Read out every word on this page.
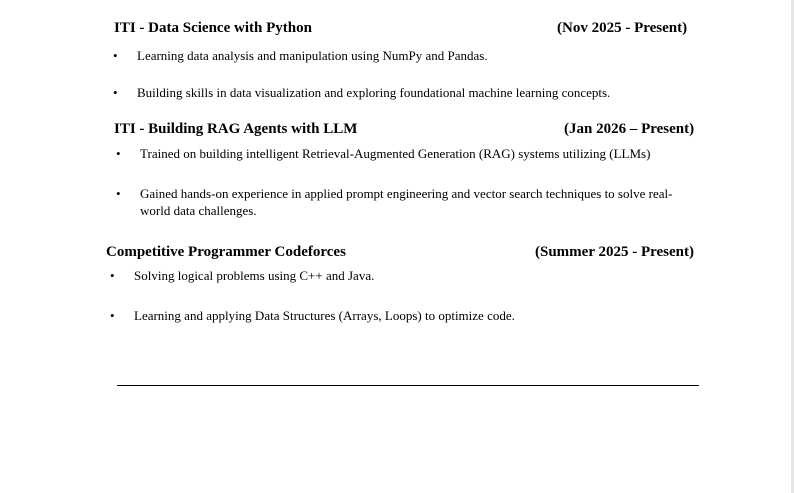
ITI - Data Science with Python	(Nov 2025 - Present)
• Learning data analysis and manipulation using NumPy and Pandas.
• Building skills in data visualization and exploring foundational machine learning concepts.
ITI - Building RAG Agents with LLM	(Jan 2026 – Present)
• Trained on building intelligent Retrieval-Augmented Generation (RAG) systems utilizing (LLMs)
• Gained hands-on experience in applied prompt engineering and vector search techniques to solve real-world data challenges.
Competitive Programmer Codeforces	(Summer 2025 - Present)
• Solving logical problems using C++ and Java.
• Learning and applying Data Structures (Arrays, Loops) to optimize code.
